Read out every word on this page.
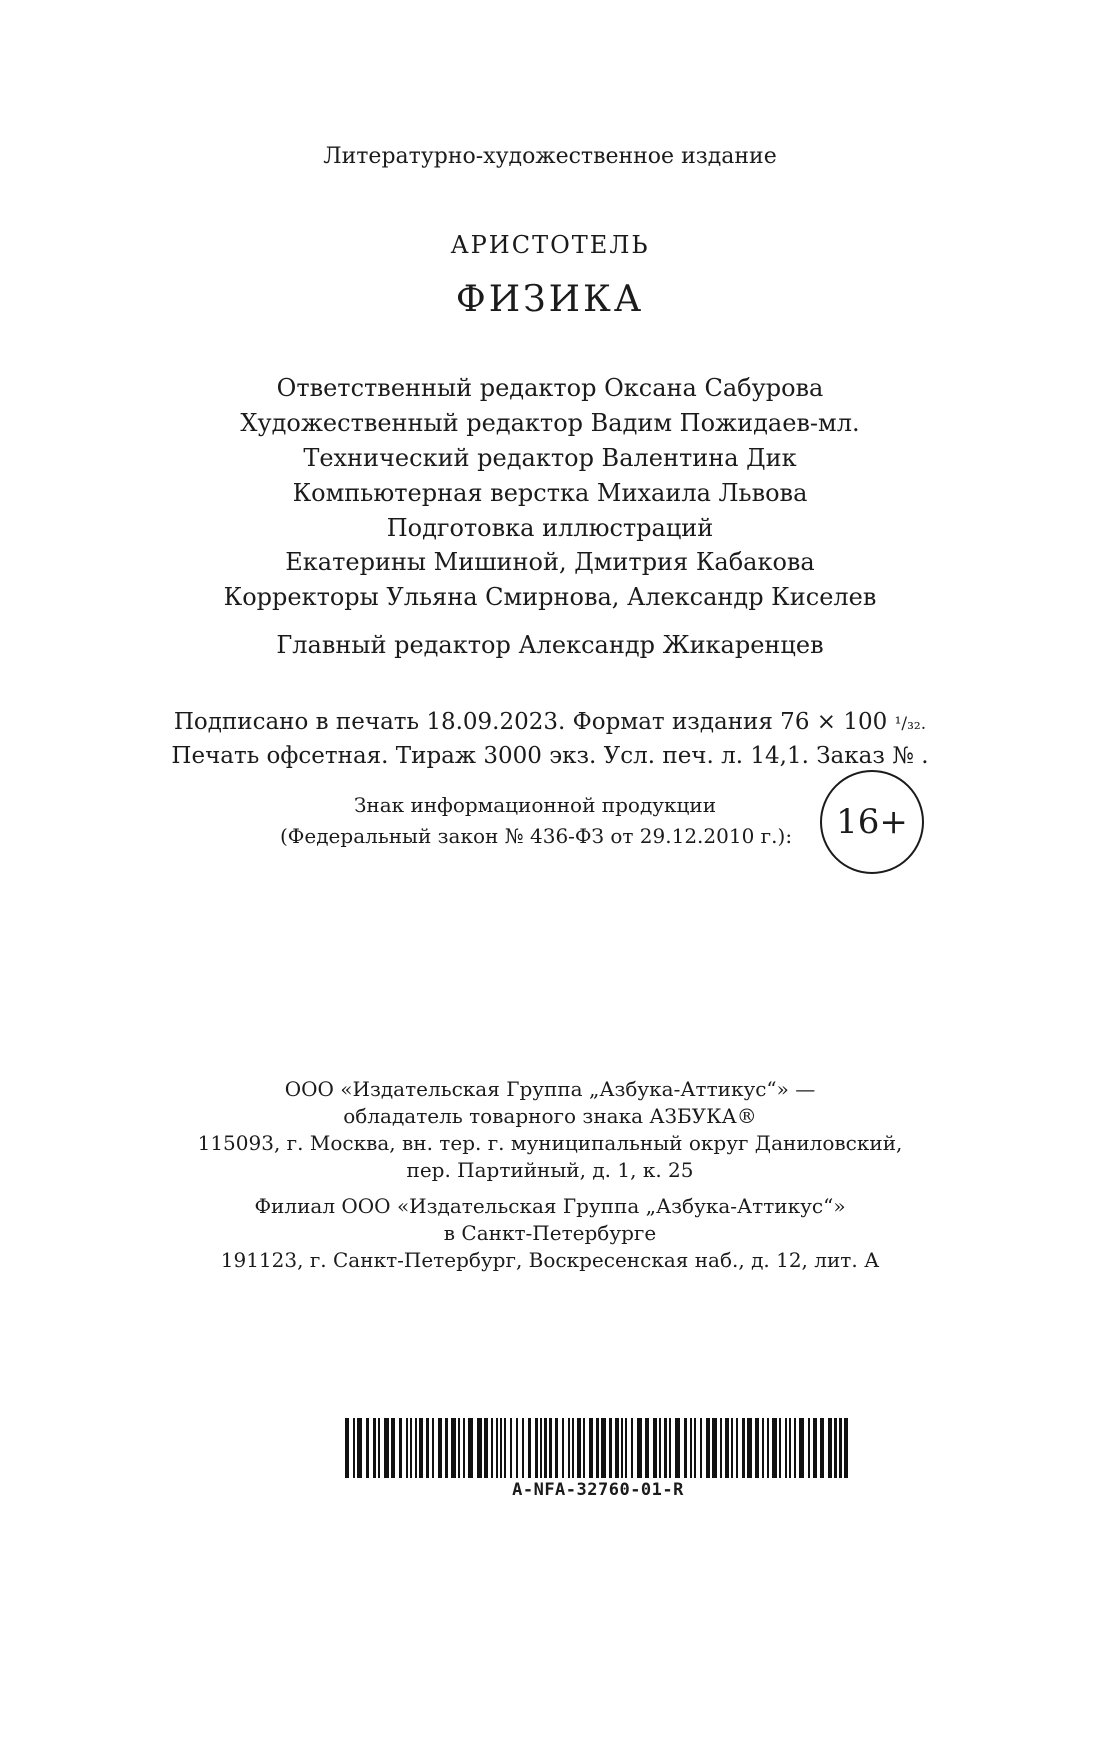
Литературно-художественное издание
АРИСТОТЕЛЬ
ФИЗИКА
Ответственный редактор Оксана Сабурова
Художественный редактор Вадим Пожидаев-мл.
Технический редактор Валентина Дик
Компьютерная верстка Михаила Львова
Подготовка иллюстраций
Екатерины Мишиной, Дмитрия Кабакова
Корректоры Ульяна Смирнова, Александр Киселев
Главный редактор Александр Жикаренцев
Подписано в печать 18.09.2023. Формат издания 76 × 100 ¹/₃₂.
Печать офсетная. Тираж 3000 экз. Усл. печ. л. 14,1. Заказ № .
Знак информационной продукции
(Федеральный закон № 436-ФЗ от 29.12.2010 г.):	16+
ООО «Издательская Группа „Азбука-Аттикус“» —
обладатель товарного знака АЗБУКА®
115093, г. Москва, вн. тер. г. муниципальный округ Даниловский,
пер. Партийный, д. 1, к. 25
Филиал ООО «Издательская Группа „Азбука-Аттикус“»
в Санкт-Петербурге
191123, г. Санкт-Петербург, Воскресенская наб., д. 12, лит. А
A-NFA-32760-01-R
